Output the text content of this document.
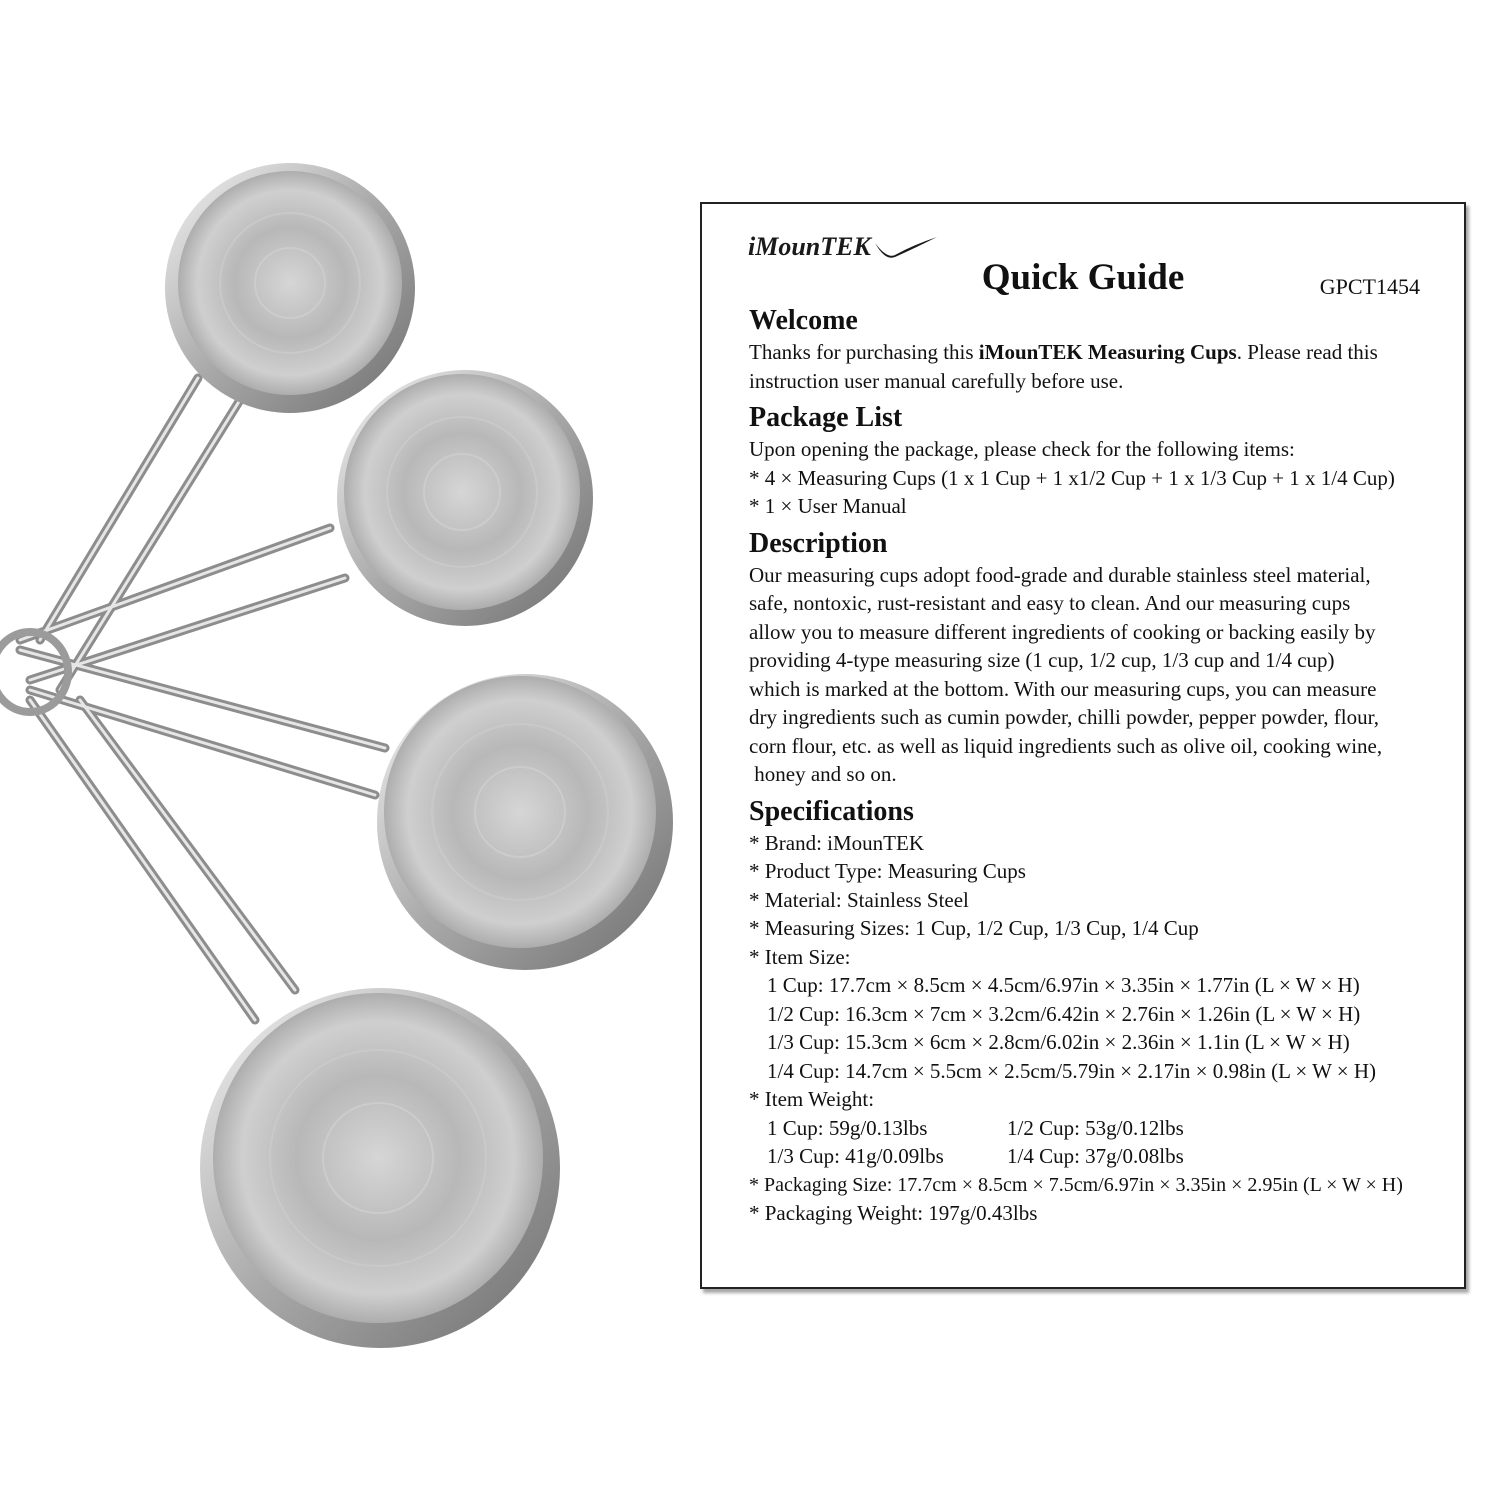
iMounTEK
Quick Guide	GPCT1454
Welcome

Thanks for purchasing this iMounTEK Measuring Cups. Please read this

instruction user manual carefully before use.

Package List

Upon opening the package, please check for the following items:

* 4 × Measuring Cups (1 x 1 Cup + 1 x1/2 Cup + 1 x 1/3 Cup + 1 x 1/4 Cup)

* 1 × User Manual

Description

Our measuring cups adopt food-grade and durable stainless steel material,

safe, nontoxic, rust-resistant and easy to clean. And our measuring cups

allow you to measure different ingredients of cooking or backing easily by

providing 4-type measuring size (1 cup, 1/2 cup, 1/3 cup and 1/4 cup)

which is marked at the bottom. With our measuring cups, you can measure

dry ingredients such as cumin powder, chilli powder, pepper powder, flour,

corn flour, etc. as well as liquid ingredients such as olive oil, cooking wine,

honey and so on.

Specifications

* Brand: iMounTEK

* Product Type: Measuring Cups

* Material: Stainless Steel

* Measuring Sizes: 1 Cup, 1/2 Cup, 1/3 Cup, 1/4 Cup

* Item Size:

1 Cup: 17.7cm × 8.5cm × 4.5cm/6.97in × 3.35in × 1.77in (L × W × H)

1/2 Cup: 16.3cm × 7cm × 3.2cm/6.42in × 2.76in × 1.26in (L × W × H)

1/3 Cup: 15.3cm × 6cm × 2.8cm/6.02in × 2.36in × 1.1in (L × W × H)

1/4 Cup: 14.7cm × 5.5cm × 2.5cm/5.79in × 2.17in × 0.98in (L × W × H)

* Item Weight:

1 Cup: 59g/0.13lbs	1/2 Cup: 53g/0.12lbs

1/3 Cup: 41g/0.09lbs	1/4 Cup: 37g/0.08lbs

* Packaging Size: 17.7cm × 8.5cm × 7.5cm/6.97in × 3.35in × 2.95in (L × W × H)

* Packaging Weight: 197g/0.43lbs
